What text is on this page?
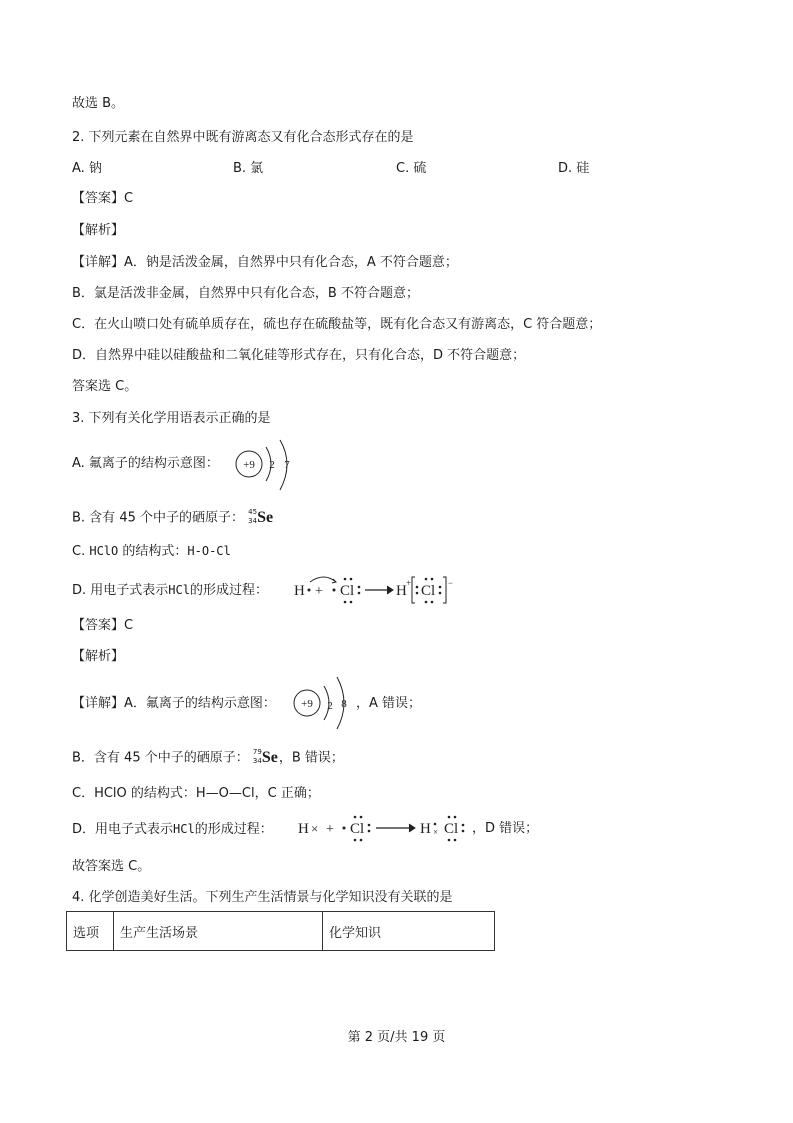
故选 B。
2. 下列元素在自然界中既有游离态又有化合态形式存在的是
A. 钠	B. 氯	C. 硫	D. 硅
【答案】C
【解析】
【详解】A．钠是活泼金属，自然界中只有化合态，A 不符合题意；
B．氯是活泼非金属，自然界中只有化合态，B 不符合题意；
C．在火山喷口处有硫单质存在，硫也存在硫酸盐等，既有化合态又有游离态，C 符合题意；
D．自然界中硅以硅酸盐和二氧化硅等形式存在，只有化合态，D 不符合题意；
答案选 C。
3. 下列有关化学用语表示正确的是
A. 氟离子的结构示意图： +9 2 7
B. 含有 45 个中子的硒原子： 45
34 Se
C. HClO 的结构式：H-O-Cl
D. 用电子式表示HCl的形成过程： H + Cl	H + Cl −
【答案】C
【解析】
【详解】A．氟离子的结构示意图： +9 2 8 ，A 错误；
B．含有 45 个中子的硒原子： 79
34 Se ，B 错误；
C．HClO 的结构式：H—O—Cl，C 正确；
D．用电子式表示HCl的形成过程： H × + Cl	H × Cl ，D 错误；
故答案选 C。
4. 化学创造美好生活。下列生产生活情景与化学知识没有关联的是
选项	生产生活场景	化学知识
第 2 页/共 19 页
